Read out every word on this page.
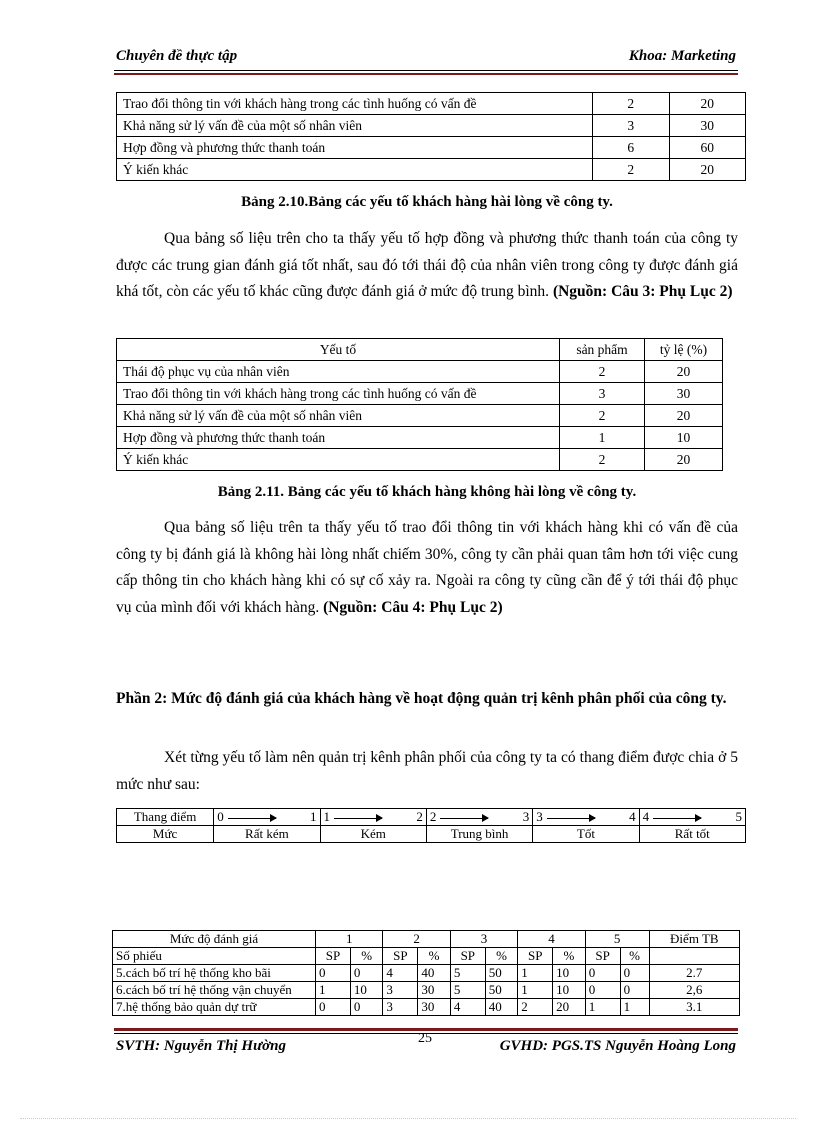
Chuyên đề thực tập	Khoa: Marketing
Trao đổi thông tin với khách hàng trong các tình huống có vấn đề	2	20
Khả năng sử lý vấn đề của một số nhân viên	3	30
Hợp đồng và phương thức thanh toán	6	60
Ý kiến khác	2	20
Bảng 2.10.Bảng các yếu tố khách hàng hài lòng về công ty.
Qua bảng số liệu trên cho ta thấy yếu tố hợp đồng và phương thức thanh toán của công ty được các trung gian đánh giá tốt nhất, sau đó tới thái độ của nhân viên trong công ty được đánh giá khá tốt, còn các yếu tố khác cũng được đánh giá ở mức độ trung bình. (Nguồn: Câu 3: Phụ Lục 2)
Yếu tố	sản phẩm	tỷ lệ (%)
Thái độ phục vụ của nhân viên	2	20
Trao đổi thông tin với khách hàng trong các tình huống có vấn đề	3	30
Khả năng sử lý vấn đề của một số nhân viên	2	20
Hợp đồng và phương thức thanh toán	1	10
Ý kiến khác	2	20
Bảng 2.11. Bảng các yếu tố khách hàng không hài lòng về công ty.
Qua bảng số liệu trên ta thấy yếu tố trao đổi thông tin với khách hàng khi có vấn đề của công ty bị đánh giá là không hài lòng nhất chiếm 30%, công ty cần phải quan tâm hơn tới việc cung cấp thông tin cho khách hàng khi có sự cố xảy ra. Ngoài ra công ty cũng cần để ý tới thái độ phục vụ của mình đối với khách hàng. (Nguồn: Câu 4: Phụ Lục 2)
Phần 2: Mức độ đánh giá của khách hàng về hoạt động quản trị kênh phân phối của công ty.
Xét từng yếu tố làm nên quản trị kênh phân phối của công ty ta có thang điểm được chia ở 5 mức như sau:
Thang điểm	0 1	1 2	2 3	3 4	4 5

Mức	Rất kém	Kém	Trung bình	Tốt	Rất tốt
Mức độ đánh giá	1		2		3		4		5		Điểm TB
Số phiếu	SP	%	SP	%	SP	%	SP	%	SP	%	
5.cách bố trí hệ thống kho bãi	0	0	4	40	5	50	1	10	0	0	2.7
6.cách bố trí hệ thống vận chuyển	1	10	3	30	5	50	1	10	0	0	2,6
7.hệ thống bảo quản dự trữ	0	0	3	30	4	40	2	20	1	1	3.1
25
SVTH: Nguyễn Thị Hường	GVHD: PGS.TS Nguyễn Hoàng Long
